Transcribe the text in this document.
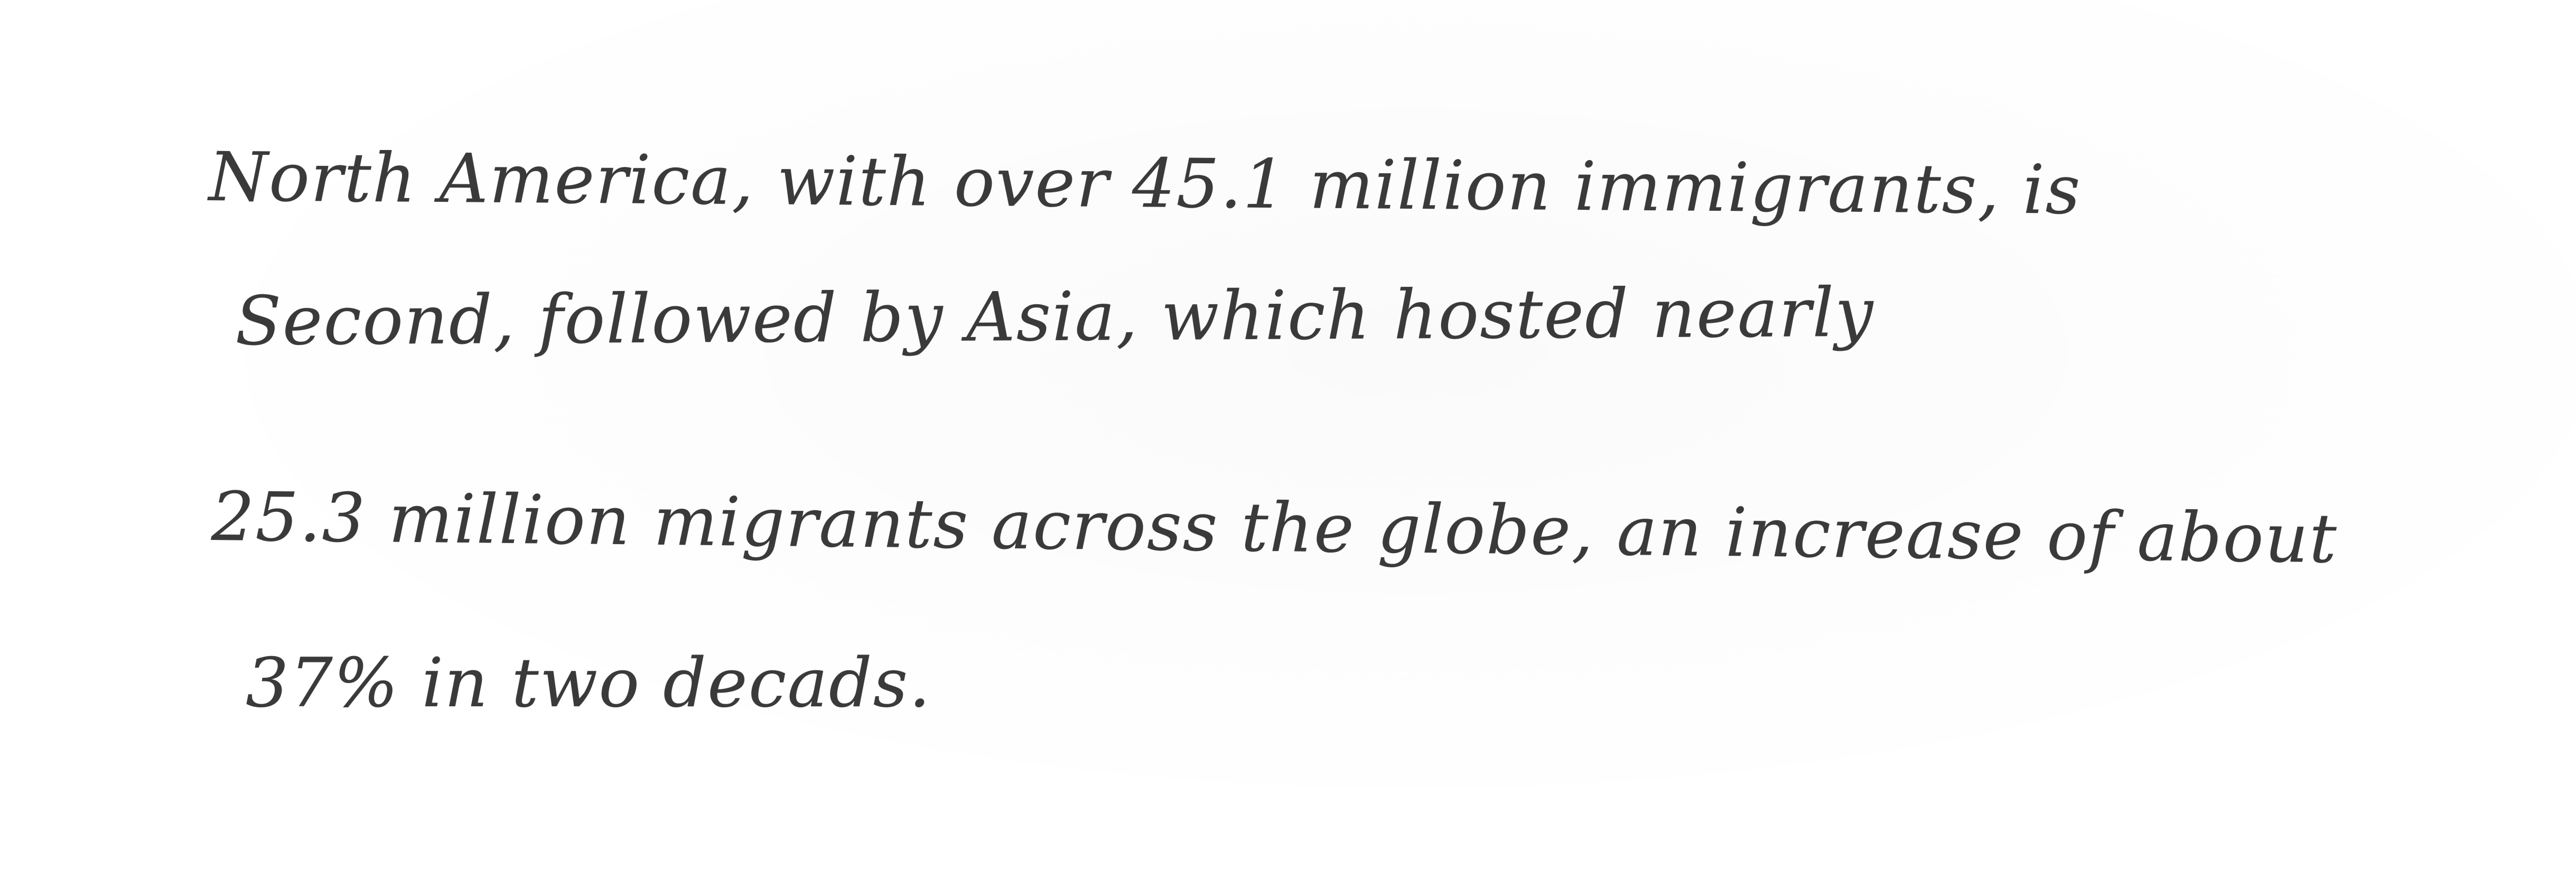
North America, with over 45.1 million immigrants, is
Second, followed by Asia, which hosted nearly
25.3 million migrants across the globe, an increase of about
37% in two decads.
